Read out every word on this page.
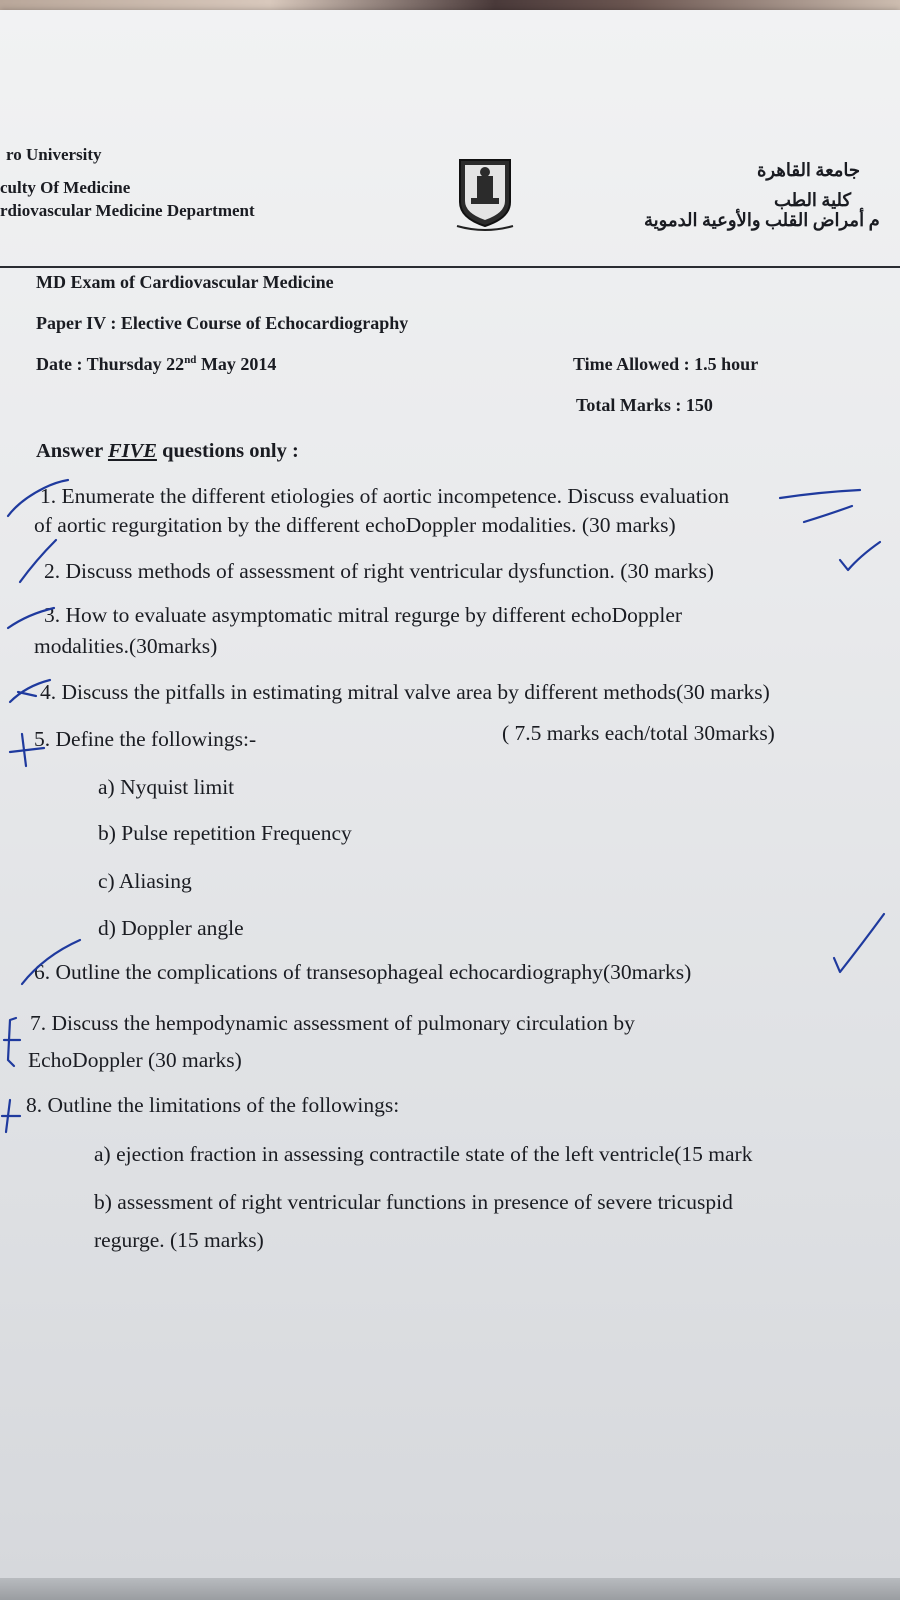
ro University
culty Of Medicine
rdiovascular Medicine Department
جامعة القاهرة
كلية الطب
م أمراض القلب والأوعية الدموية
MD Exam of Cardiovascular Medicine
Paper IV : Elective Course of Echocardiography
Date : Thursday 22nd May 2014	Time Allowed : 1.5 hour
Total Marks : 150
Answer FIVE questions only :
1. Enumerate the different etiologies of aortic incompetence. Discuss evaluation
of aortic regurgitation by the different echoDoppler modalities. (30 marks)
2. Discuss methods of assessment of right ventricular dysfunction. (30 marks)
3. How to evaluate asymptomatic mitral regurge by different echoDoppler
modalities.(30marks)
4. Discuss the pitfalls in estimating mitral valve area by different methods(30 marks)
5. Define the followings:-	( 7.5 marks each/total 30marks)
a) Nyquist limit
b) Pulse repetition Frequency
c) Aliasing
d) Doppler angle
6. Outline the complications of transesophageal echocardiography(30marks)
7. Discuss the hempodynamic assessment of pulmonary circulation by
EchoDoppler (30 marks)
8. Outline the limitations of the followings:
a) ejection fraction in assessing contractile state of the left ventricle(15 mark
b) assessment of right ventricular functions in presence of severe tricuspid
regurge. (15 marks)
